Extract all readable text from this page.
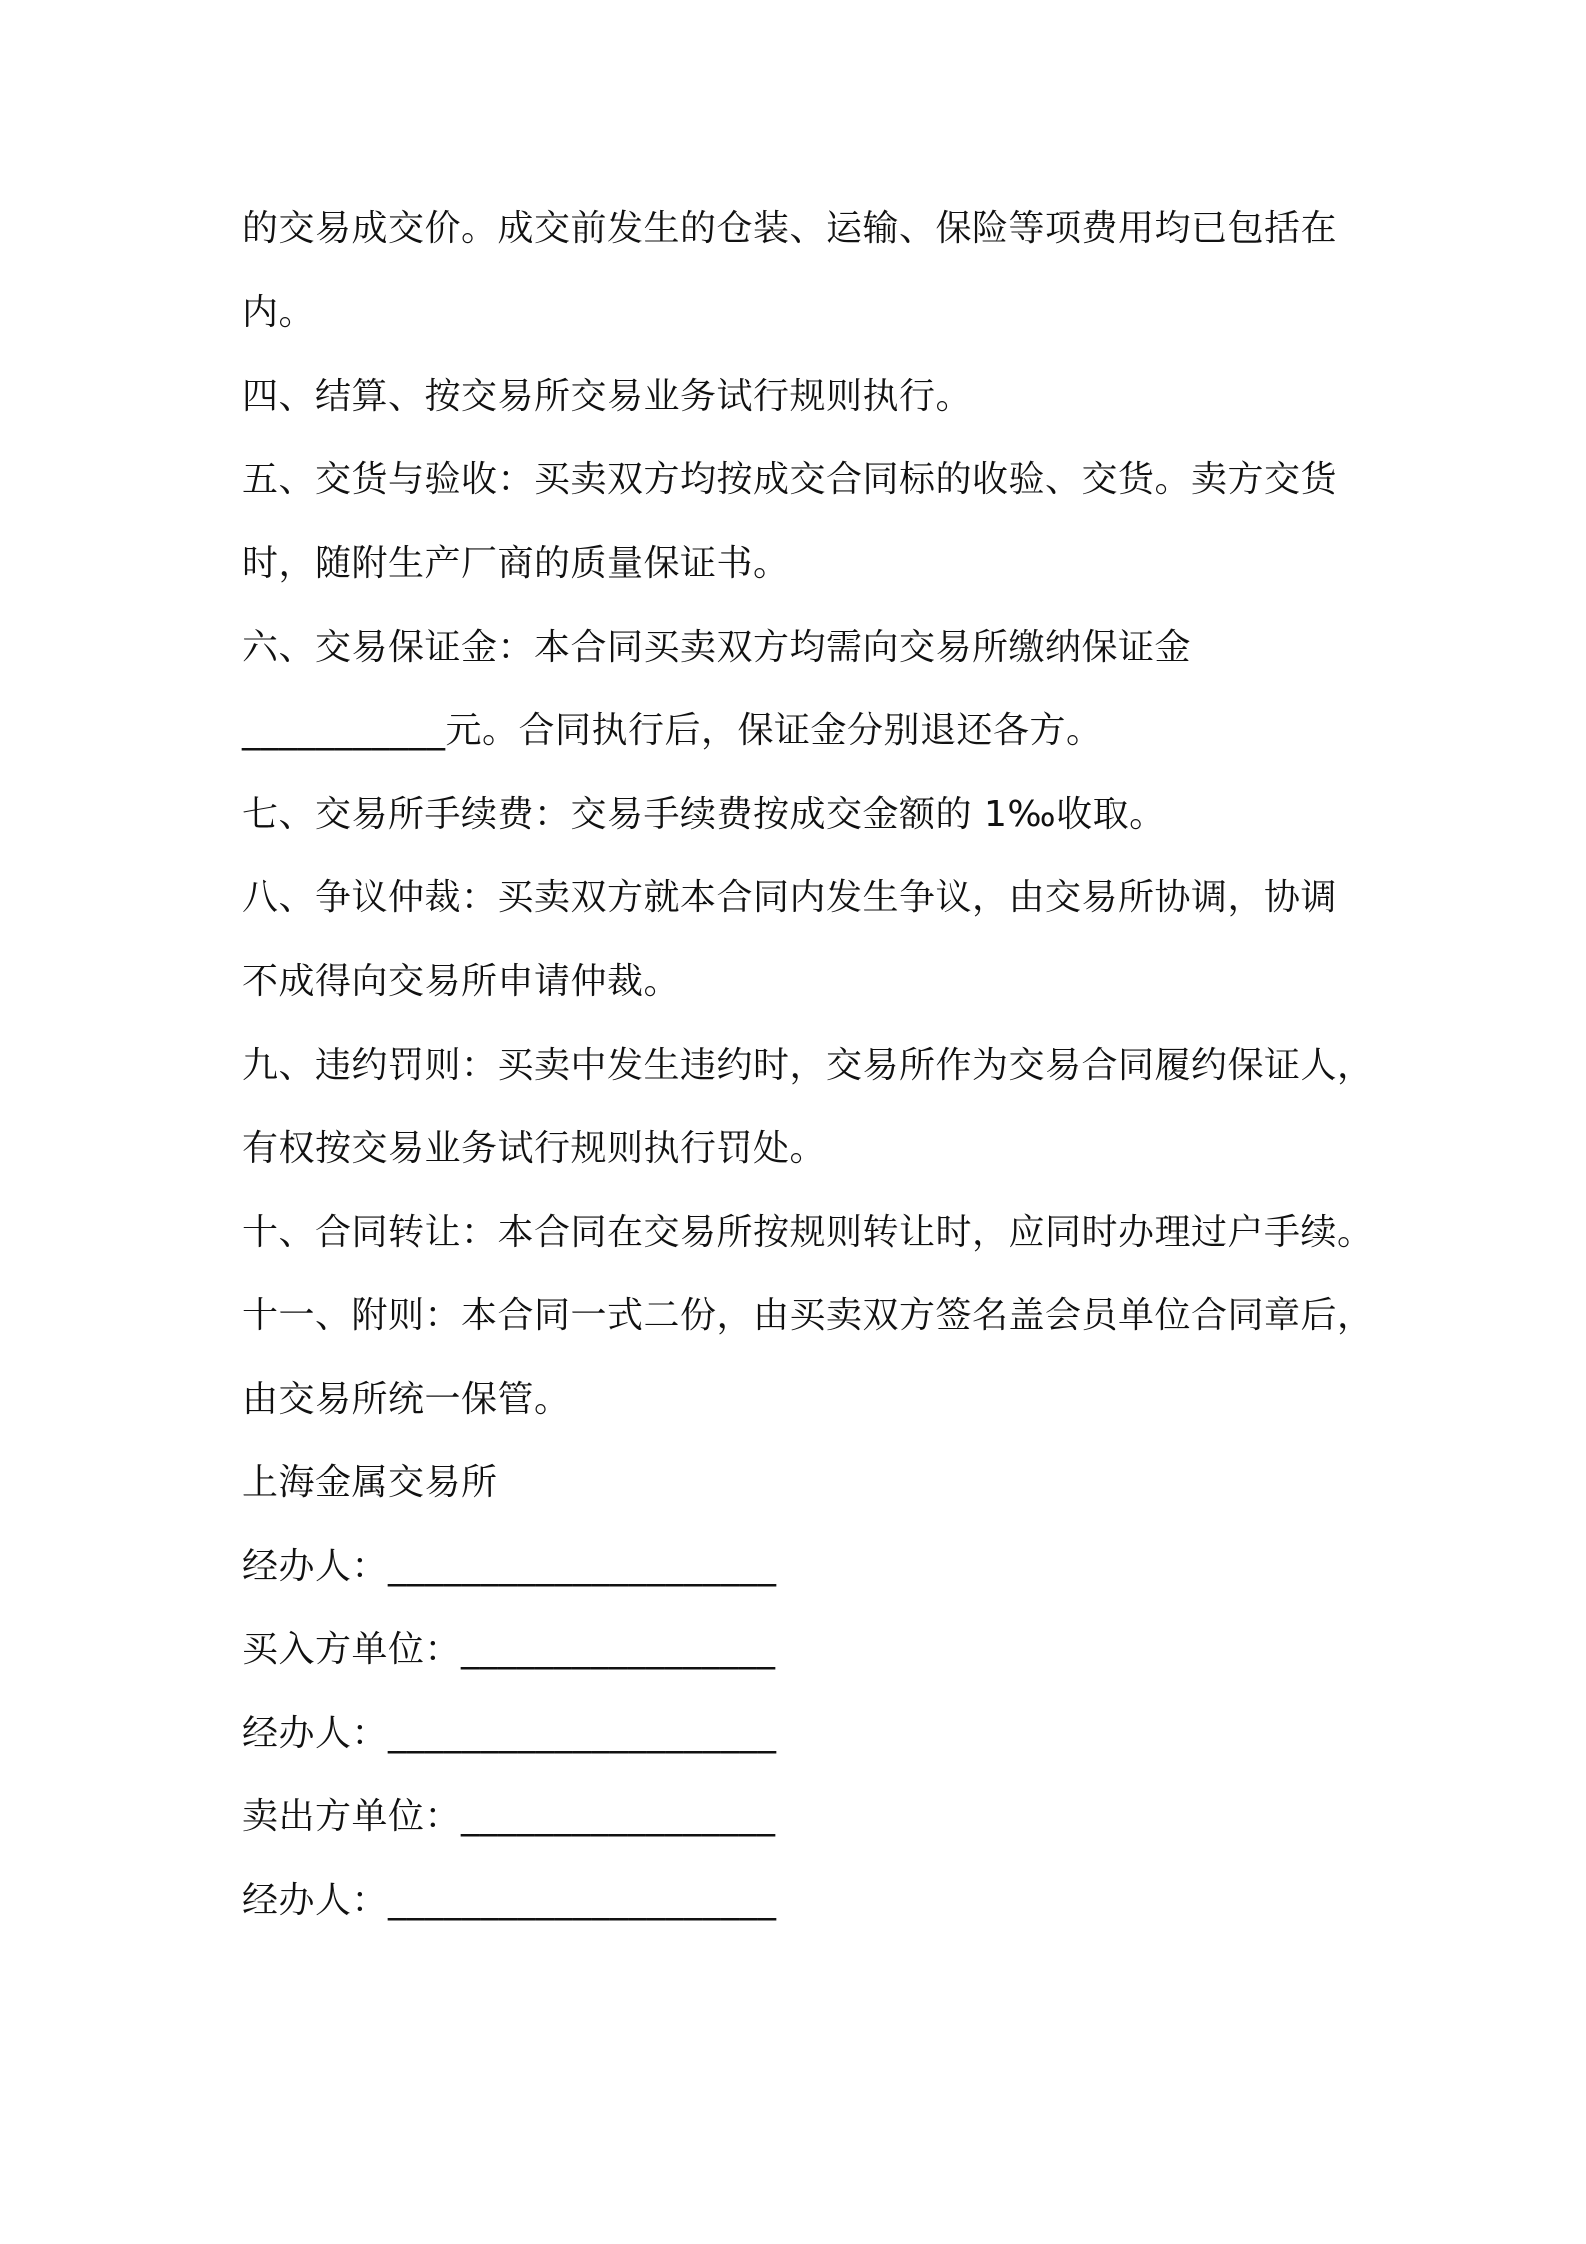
的交易成交价。成交前发生的仓装、运输、保险等项费用均已包括在
内。
四、结算、按交易所交易业务试行规则执行。
五、交货与验收：买卖双方均按成交合同标的收验、交货。卖方交货
时，随附生产厂商的质量保证书。
六、交易保证金：本合同买卖双方均需向交易所缴纳保证金
___________元。合同执行后，保证金分别退还各方。
七、交易所手续费：交易手续费按成交金额的 1‰收取。
八、争议仲裁：买卖双方就本合同内发生争议，由交易所协调，协调
不成得向交易所申请仲裁。
九、违约罚则：买卖中发生违约时，交易所作为交易合同履约保证人，
有权按交易业务试行规则执行罚处。
十、合同转让：本合同在交易所按规则转让时，应同时办理过户手续。
十一、附则：本合同一式二份，由买卖双方签名盖会员单位合同章后，
由交易所统一保管。
上海金属交易所
经办人：_____________________
买入方单位：_________________
经办人：_____________________
卖出方单位：_________________
经办人：_____________________
